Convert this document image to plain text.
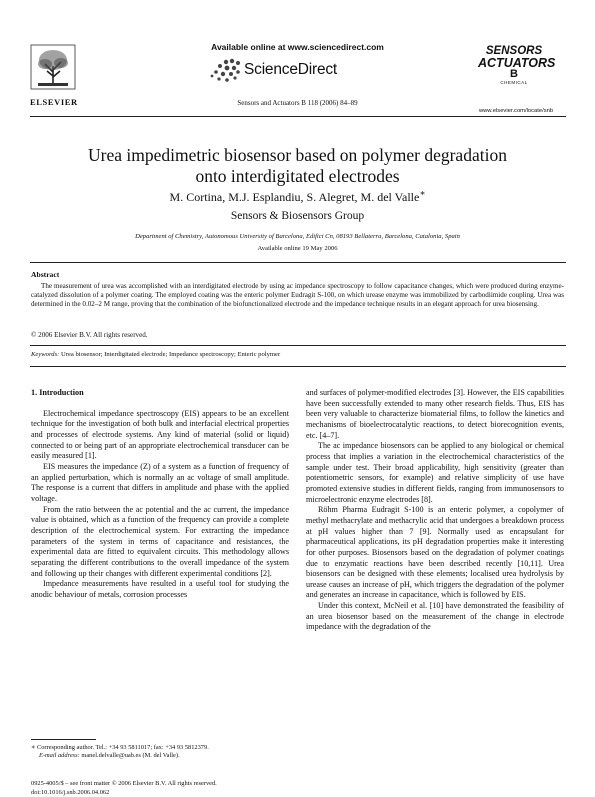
ELSEVIER
Available online at www.sciencedirect.com
ScienceDirect
Sensors and Actuators B 118 (2006) 84–89
SENSORS
ACTUATORS
B
CHEMICAL
www.elsevier.com/locate/snb
Urea impedimetric biosensor based on polymer degradation
onto interdigitated electrodes
M. Cortina, M.J. Esplandiu, S. Alegret, M. del Valle∗
Sensors & Biosensors Group
Department of Chemistry, Autonomous University of Barcelona, Edifici Cn, 08193 Bellaterra, Barcelona, Catalonia, Spain
Available online 19 May 2006
Abstract
The measurement of urea was accomplished with an interdigitated electrode by using ac impedance spectroscopy to follow capacitance changes, which were produced during enzyme-catalyzed dissolution of a polymer coating. The employed coating was the enteric polymer Eudragit S-100, on which urease enzyme was immobilized by carbodiimide coupling. Urea was determined in the 0.02–2 M range, proving that the combination of the biofunctionalized electrode and the impedance technique results in an elegant approach for urea biosensing.
© 2006 Elsevier B.V. All rights reserved.
Keywords: Urea biosensor; Interdigitated electrode; Impedance spectroscopy; Enteric polymer

1. Introduction

Electrochemical impedance spectroscopy (EIS) appears to be an excellent technique for the investigation of both bulk and interfacial electrical properties and processes of electrode systems. Any kind of material (solid or liquid) connected to or being part of an appropriate electrochemical transducer can be easily measured [1].

EIS measures the impedance (Z) of a system as a function of frequency of an applied perturbation, which is normally an ac voltage of small amplitude. The response is a current that differs in amplitude and phase with the applied voltage.

From the ratio between the ac potential and the ac current, the impedance value is obtained, which as a function of the frequency can provide a complete description of the electrochemical system. For extracting the impedance parameters of the system in terms of capacitance and resistances, the experimental data are fitted to equivalent circuits. This methodology allows separating the different contributions to the overall impedance of the system and following up their changes with different experimental conditions [2].

Impedance measurements have resulted in a useful tool for studying the anodic behaviour of metals, corrosion processes

and surfaces of polymer-modified electrodes [3]. However, the EIS capabilities have been successfully extended to many other research fields. Thus, EIS has been very valuable to characterize biomaterial films, to follow the kinetics and mechanisms of bioelectrocatalytic reactions, to detect biorecognition events, etc. [4–7].

The ac impedance biosensors can be applied to any biological or chemical process that implies a variation in the electrochemical characteristics of the sample under test. Their broad applicability, high sensitivity (greater than potentiometric sensors, for example) and relative simplicity of use have promoted extensive studies in different fields, ranging from immunosensors to microelectronic enzyme electrodes [8].

Röhm Pharma Eudragit S-100 is an enteric polymer, a copolymer of methyl methacrylate and methacrylic acid that undergoes a breakdown process at pH values higher than 7 [9]. Normally used as encapsulant for pharmaceutical applications, its pH degradation properties make it interesting for other purposes. Biosensors based on the degradation of polymer coatings due to enzymatic reactions have been described recently [10,11]. Urea biosensors can be designed with these elements; localised urea hydrolysis by urease causes an increase of pH, which triggers the degradation of the polymer and generates an increase in capacitance, which is followed by EIS.

Under this context, McNeil et al. [10] have demonstrated the feasibility of an urea biosensor based on the measurement of the change in electrode impedance with the degradation of the

∗ Corresponding author. Tel.: +34 93 5811017; fax: +34 93 5812379.
E-mail address: manel.delvalle@uab.es (M. del Valle).
0925-4005/$ – see front matter © 2006 Elsevier B.V. All rights reserved.
doi:10.1016/j.snb.2006.04.062
